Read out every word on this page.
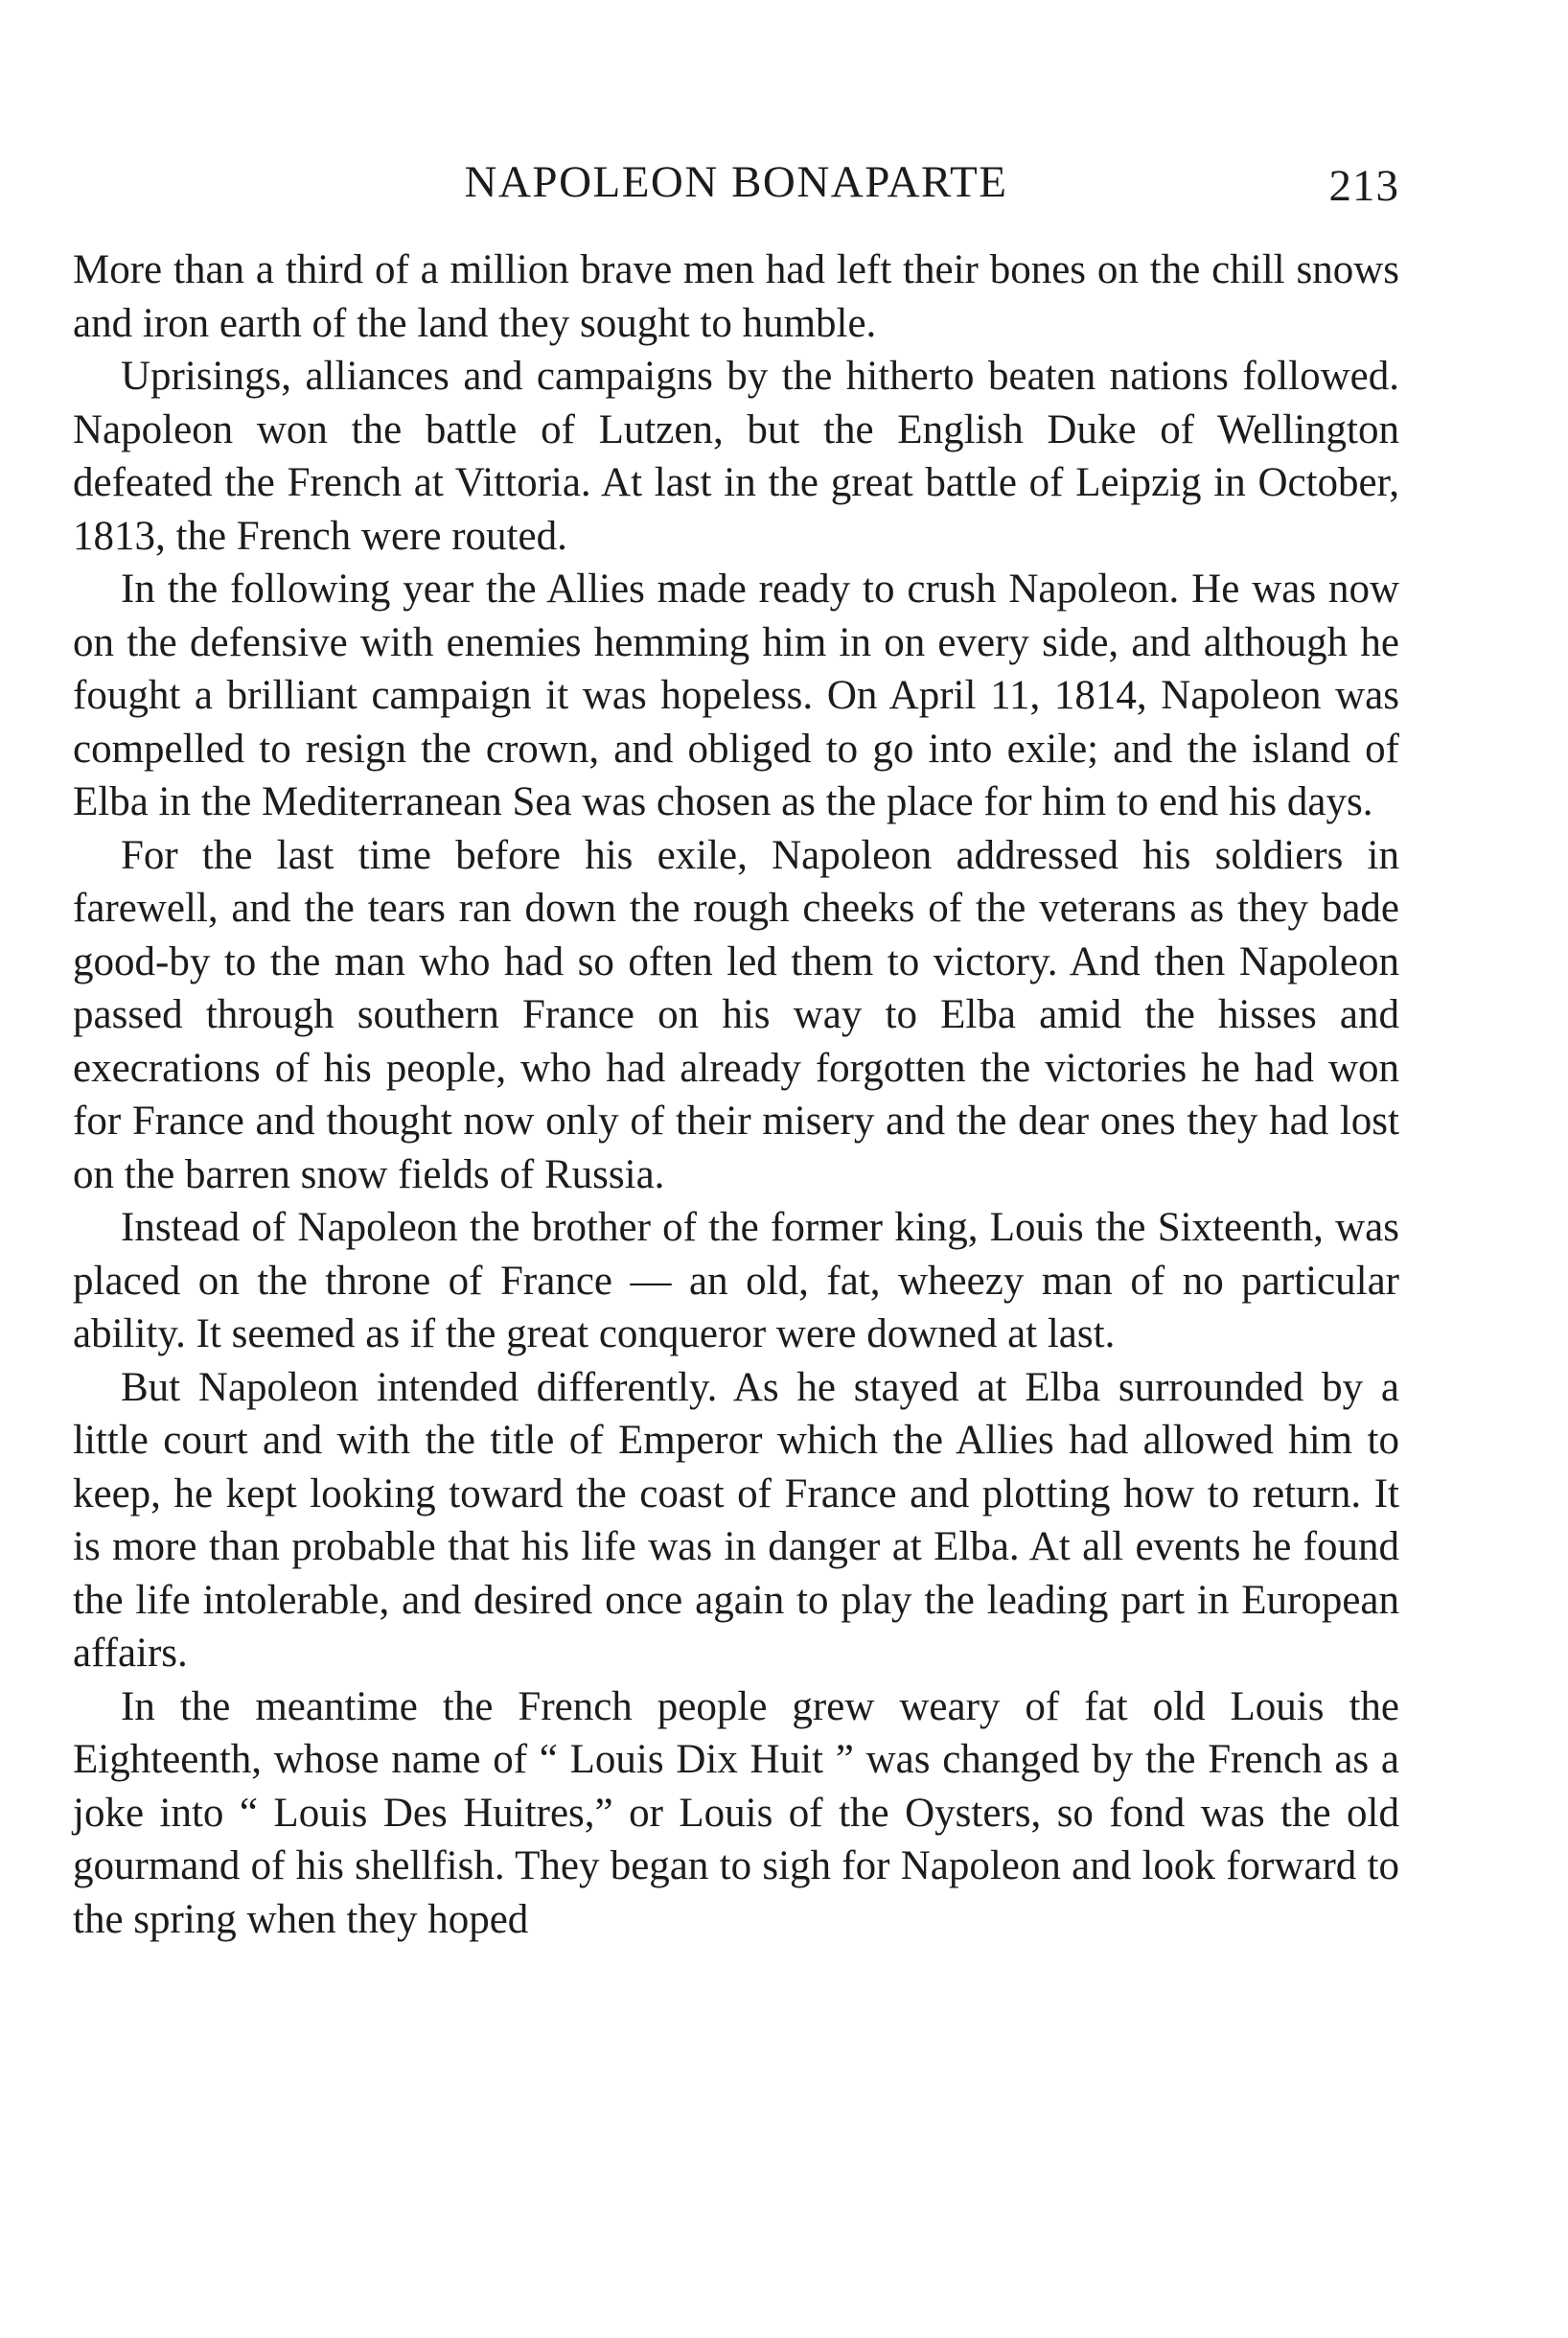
NAPOLEON BONAPARTE	213

More than a third of a million brave men had left their bones on the chill snows and iron earth of the land they sought to humble.

Uprisings, alliances and campaigns by the hitherto beaten nations followed. Napoleon won the battle of Lutzen, but the English Duke of Wellington defeated the French at Vittoria. At last in the great battle of Leipzig in October, 1813, the French were routed.

In the following year the Allies made ready to crush Napoleon. He was now on the defensive with enemies hemming him in on every side, and although he fought a brilliant campaign it was hopeless. On April 11, 1814, Napoleon was compelled to resign the crown, and obliged to go into exile; and the island of Elba in the Mediterranean Sea was chosen as the place for him to end his days.

For the last time before his exile, Napoleon addressed his soldiers in farewell, and the tears ran down the rough cheeks of the veterans as they bade good-by to the man who had so often led them to victory. And then Napoleon passed through southern France on his way to Elba amid the hisses and execrations of his people, who had already forgotten the victories he had won for France and thought now only of their misery and the dear ones they had lost on the barren snow fields of Russia.

Instead of Napoleon the brother of the former king, Louis the Sixteenth, was placed on the throne of France — an old, fat, wheezy man of no particular ability. It seemed as if the great conqueror were downed at last.

But Napoleon intended differently. As he stayed at Elba surrounded by a little court and with the title of Emperor which the Allies had allowed him to keep, he kept looking toward the coast of France and plotting how to return. It is more than probable that his life was in danger at Elba. At all events he found the life intolerable, and desired once again to play the leading part in European affairs.

In the meantime the French people grew weary of fat old Louis the Eighteenth, whose name of “ Louis Dix Huit ” was changed by the French as a joke into “ Louis Des Huitres,” or Louis of the Oysters, so fond was the old gourmand of his shellfish. They began to sigh for Napoleon and look forward to the spring when they hoped
